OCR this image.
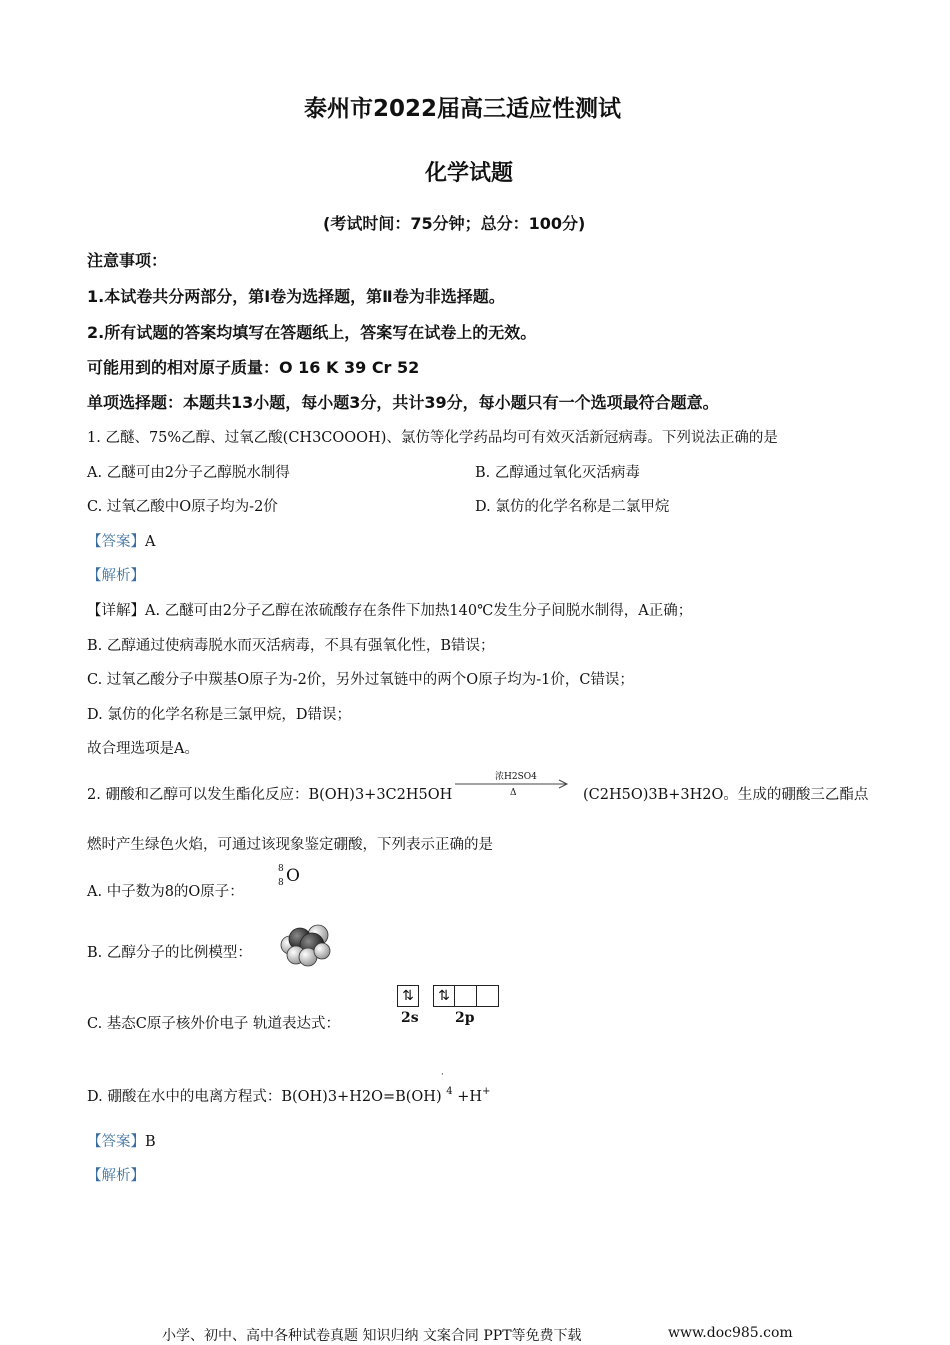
泰州市2022届高三适应性测试
化学试题
(考试时间：75分钟；总分：100分)
注意事项：
1.本试卷共分两部分，第Ⅰ卷为选择题，第Ⅱ卷为非选择题。
2.所有试题的答案均填写在答题纸上，答案写在试卷上的无效。
可能用到的相对原子质量：O 16 K 39 Cr 52
单项选择题：本题共13小题，每小题3分，共计39分，每小题只有一个选项最符合题意。
1. 乙醚、75%乙醇、过氧乙酸(CH3COOOH)、氯仿等化学药品均可有效灭活新冠病毒。下列说法正确的是
A. 乙醚可由2分子乙醇脱水制得	B. 乙醇通过氧化灭活病毒
C. 过氧乙酸中O原子均为-2价	D. 氯仿的化学名称是二氯甲烷
【答案】A
【解析】
【详解】A. 乙醚可由2分子乙醇在浓硫酸存在条件下加热140℃发生分子间脱水制得，A正确；
B. 乙醇通过使病毒脱水而灭活病毒，不具有强氧化性，B错误；
C. 过氧乙酸分子中羰基O原子为-2价，另外过氧链中的两个O原子均为-1价，C错误；
D. 氯仿的化学名称是三氯甲烷，D错误；
故合理选项是A。
2. 硼酸和乙醇可以发生酯化反应：B(OH)3+3C2H5OH
浓H2SO4
Δ	(C2H5O)3B+3H2O。生成的硼酸三乙酯点
燃时产生绿色火焰，可通过该现象鉴定硼酸，下列表示正确的是
A. 中子数为8的O原子：
8
8 O
B. 乙醇分子的比例模型：
C. 基态C原子核外价电子 轨道表达式：
⇅
2s
⇅
2p
·
D. 硼酸在水中的电离方程式：B(OH)3+H2O=B(OH) $^4$ +H+
【答案】B
【解析】
小学、初中、高中各种试卷真题 知识归纳 文案合同 PPT等免费下载	www.doc985.com
